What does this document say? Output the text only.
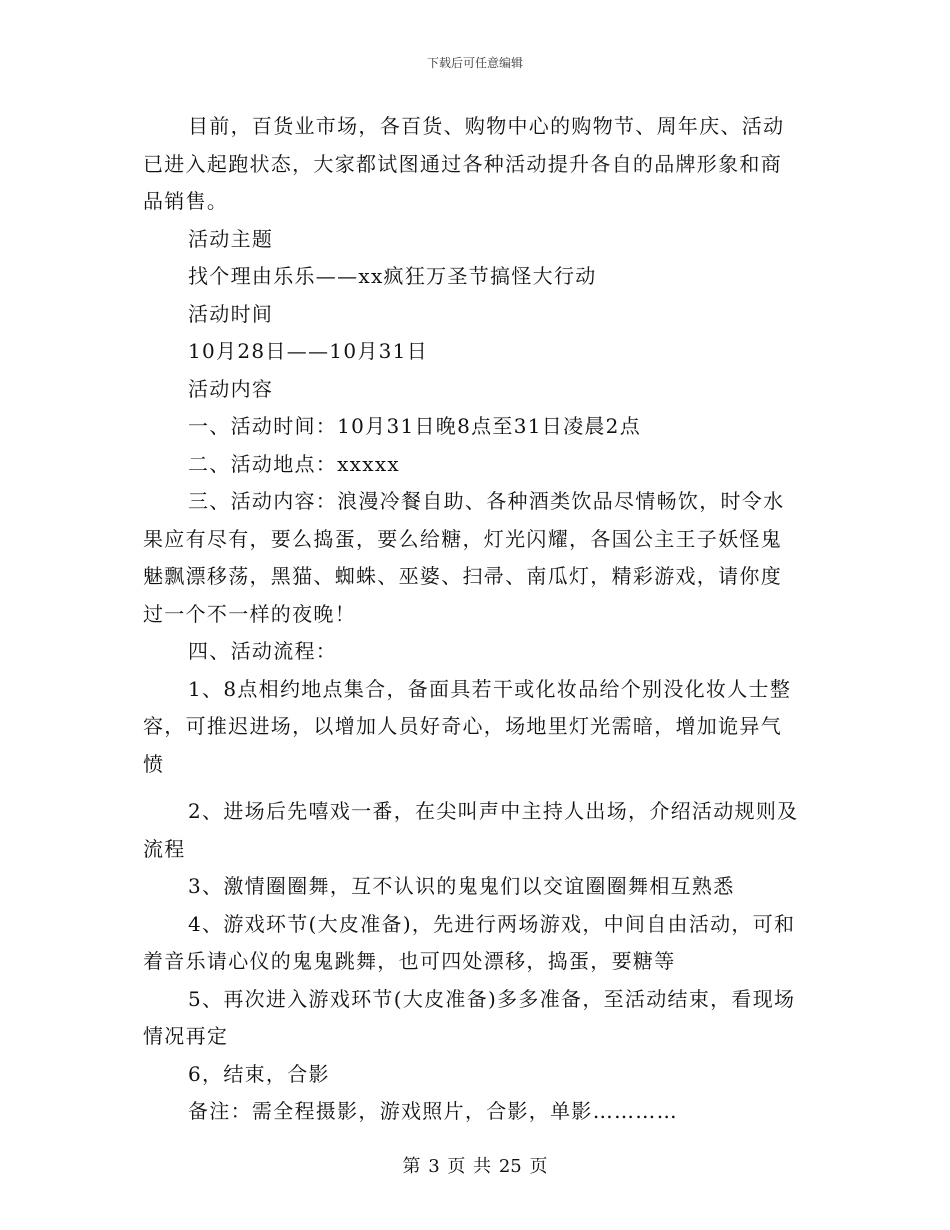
下载后可任意编辑
目前，百货业市场，各百货、购物中心的购物节、周年庆、活动
已进入起跑状态，大家都试图通过各种活动提升各自的品牌形象和商
品销售。
活动主题
找个理由乐乐——xx疯狂万圣节搞怪大行动
活动时间
10月28日——10月31日
活动内容
一、活动时间：10月31日晚8点至31日凌晨2点
二、活动地点：xxxxx
三、活动内容：浪漫冷餐自助、各种酒类饮品尽情畅饮，时令水
果应有尽有，要么捣蛋，要么给糖，灯光闪耀，各国公主王子妖怪鬼
魅飘漂移荡，黑猫、蜘蛛、巫婆、扫帚、南瓜灯，精彩游戏，请你度
过一个不一样的夜晚！
四、活动流程：
1、8点相约地点集合，备面具若干或化妆品给个别没化妆人士整
容，可推迟进场，以增加人员好奇心，场地里灯光需暗，增加诡异气
愤
2、进场后先嘻戏一番，在尖叫声中主持人出场，介绍活动规则及
流程
3、激情圈圈舞，互不认识的鬼鬼们以交谊圈圈舞相互熟悉
4、游戏环节(大皮准备)，先进行两场游戏，中间自由活动，可和
着音乐请心仪的鬼鬼跳舞，也可四处漂移，捣蛋，要糖等
5、再次进入游戏环节(大皮准备)多多准备，至活动结束，看现场
情况再定
6，结束，合影
备注：需全程摄影，游戏照片，合影，单影…………
第 3 页 共 25 页
